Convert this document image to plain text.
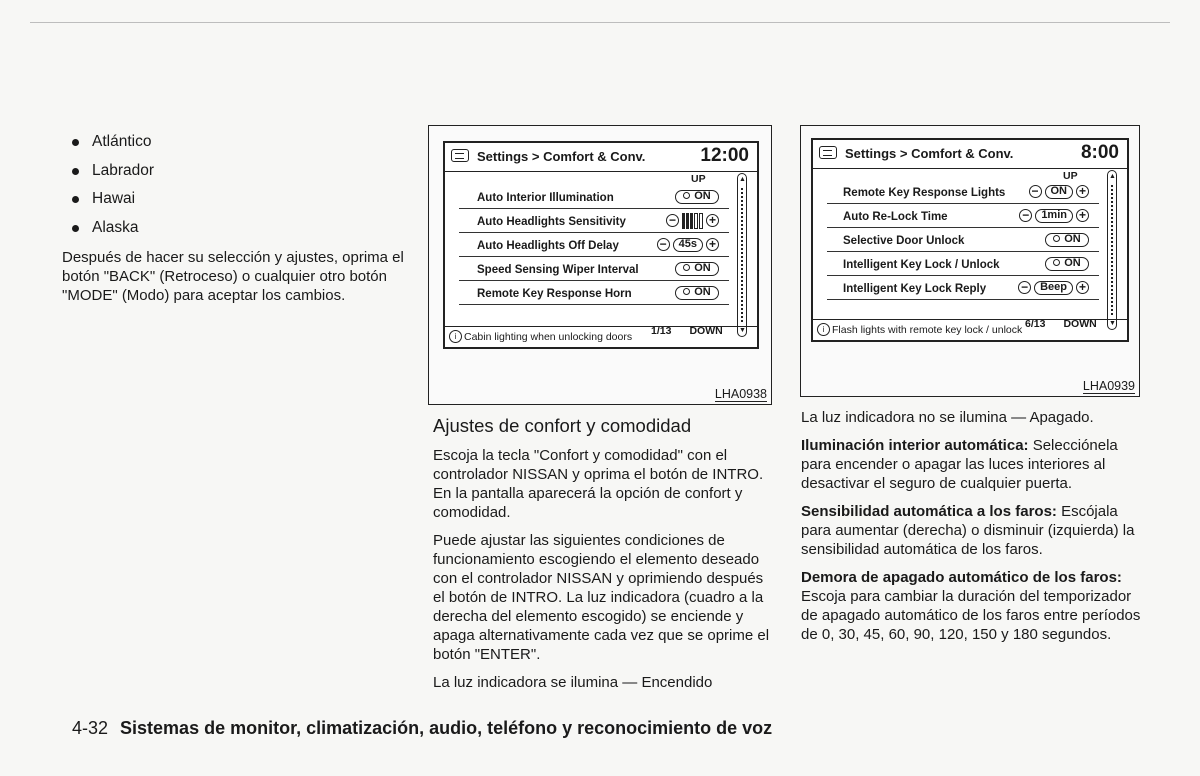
Atlántico
Labrador
Hawai
Alaska

Después de hacer su selección y ajustes, oprima el botón "BACK" (Retroceso) o cualquier otro botón "MODE" (Modo) para aceptar los cambios.

Settings > Comfort & Conv.	12:00
UP
Auto Interior Illumination	ON
Auto Headlights Sensitivity	−	+
Auto Headlights Off Delay	−	45s +
Speed Sensing Wiper Interval	ON
Remote Key Response Horn	ON
1/13 DOWN
▲
▼
i Cabin lighting when unlocking doors
LHA0938
Settings > Comfort & Conv.	8:00
UP
Remote Key Response Lights −	ON +
Auto Re-Lock Time	−	1min +
Selective Door Unlock	ON
Intelligent Key Lock / Unlock	ON
Intelligent Key Lock Reply	−	Beep +
6/13 DOWN
▲
▼
i Flash lights with remote key lock / unlock
LHA0939
Ajustes de confort y comodidad

Escoja la tecla "Confort y comodidad" con el controlador NISSAN y oprima el botón de INTRO. En la pantalla aparecerá la opción de confort y comodidad.

Puede ajustar las siguientes condiciones de funcionamiento escogiendo el elemento deseado con el controlador NISSAN y oprimiendo después el botón de INTRO. La luz indicadora (cuadro a la derecha del elemento escogido) se enciende y apaga alternativamente cada vez que se oprime el botón "ENTER".

La luz indicadora se ilumina — Encendido

La luz indicadora no se ilumina — Apagado.

Iluminación interior automática: Selecciónela para encender o apagar las luces interiores al desactivar el seguro de cualquier puerta.

Sensibilidad automática a los faros: Escójala para aumentar (derecha) o disminuir (izquierda) la sensibilidad automática de los faros.

Demora de apagado automático de los faros: Escoja para cambiar la duración del temporizador de apagado automático de los faros entre períodos de 0, 30, 45, 60, 90, 120, 150 y 180 segundos.

4-32 Sistemas de monitor, climatización, audio, teléfono y reconocimiento de voz
